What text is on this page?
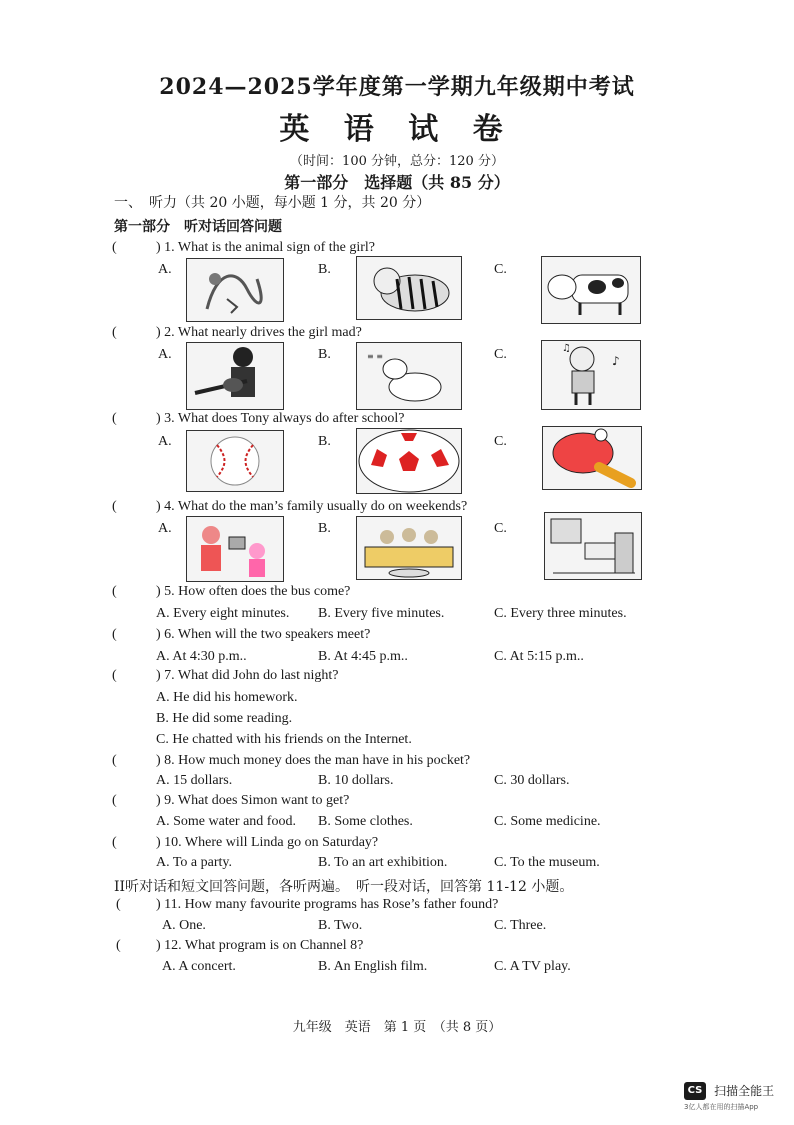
2024—2025学年度第一学期九年级期中考试
英 语 试 卷
（时间：100 分钟，总分：120 分）
第一部分　选择题（共 85 分）
一、　听力（共 20 小题，每小题 1 分，共 20 分）
第一部分　听对话回答问题
(	) 1. What is the animal sign of the girl?
A.	B.	C.
(	) 2. What nearly drives the girl mad?
A.	B.	C.
≡ ≡	♪
♫
(	) 3. What does Tony always do after school?
A.	B.	C.
(	) 4. What do the man’s family usually do on weekends?
A.	B.	C.
(	) 5. How often does the bus come?
A. Every eight minutes. B. Every five minutes.	C. Every three minutes.
(	) 6. When will the two speakers meet?
A. At 4:30 p.m..	B. At 4:45 p.m..	C. At 5:15 p.m..
(	) 7. What did John do last night?
A. He did his homework.
B. He did some reading.
C. He chatted with his friends on the Internet.
(	) 8. How much money does the man have in his pocket?
A. 15 dollars.	B. 10 dollars.	C. 30 dollars.
(	) 9. What does Simon want to get?
A. Some water and food. B. Some clothes.	C. Some medicine.
(	) 10. Where will Linda go on Saturday?
A. To a party.	B. To an art exhibition.	C. To the museum.
II听对话和短文回答问题，各听两遍。　听一段对话，回答第 11-12 小题。
(	) 11. How many favourite programs has Rose’s father found?
A. One.	B. Two.	C. Three.
(	) 12. What program is on Channel 8?
A. A concert.	B. An English film.	C. A TV play.
九年级　英语　第 1 页　（共 8 页）
CS 扫描全能王
3亿人都在用的扫描App
